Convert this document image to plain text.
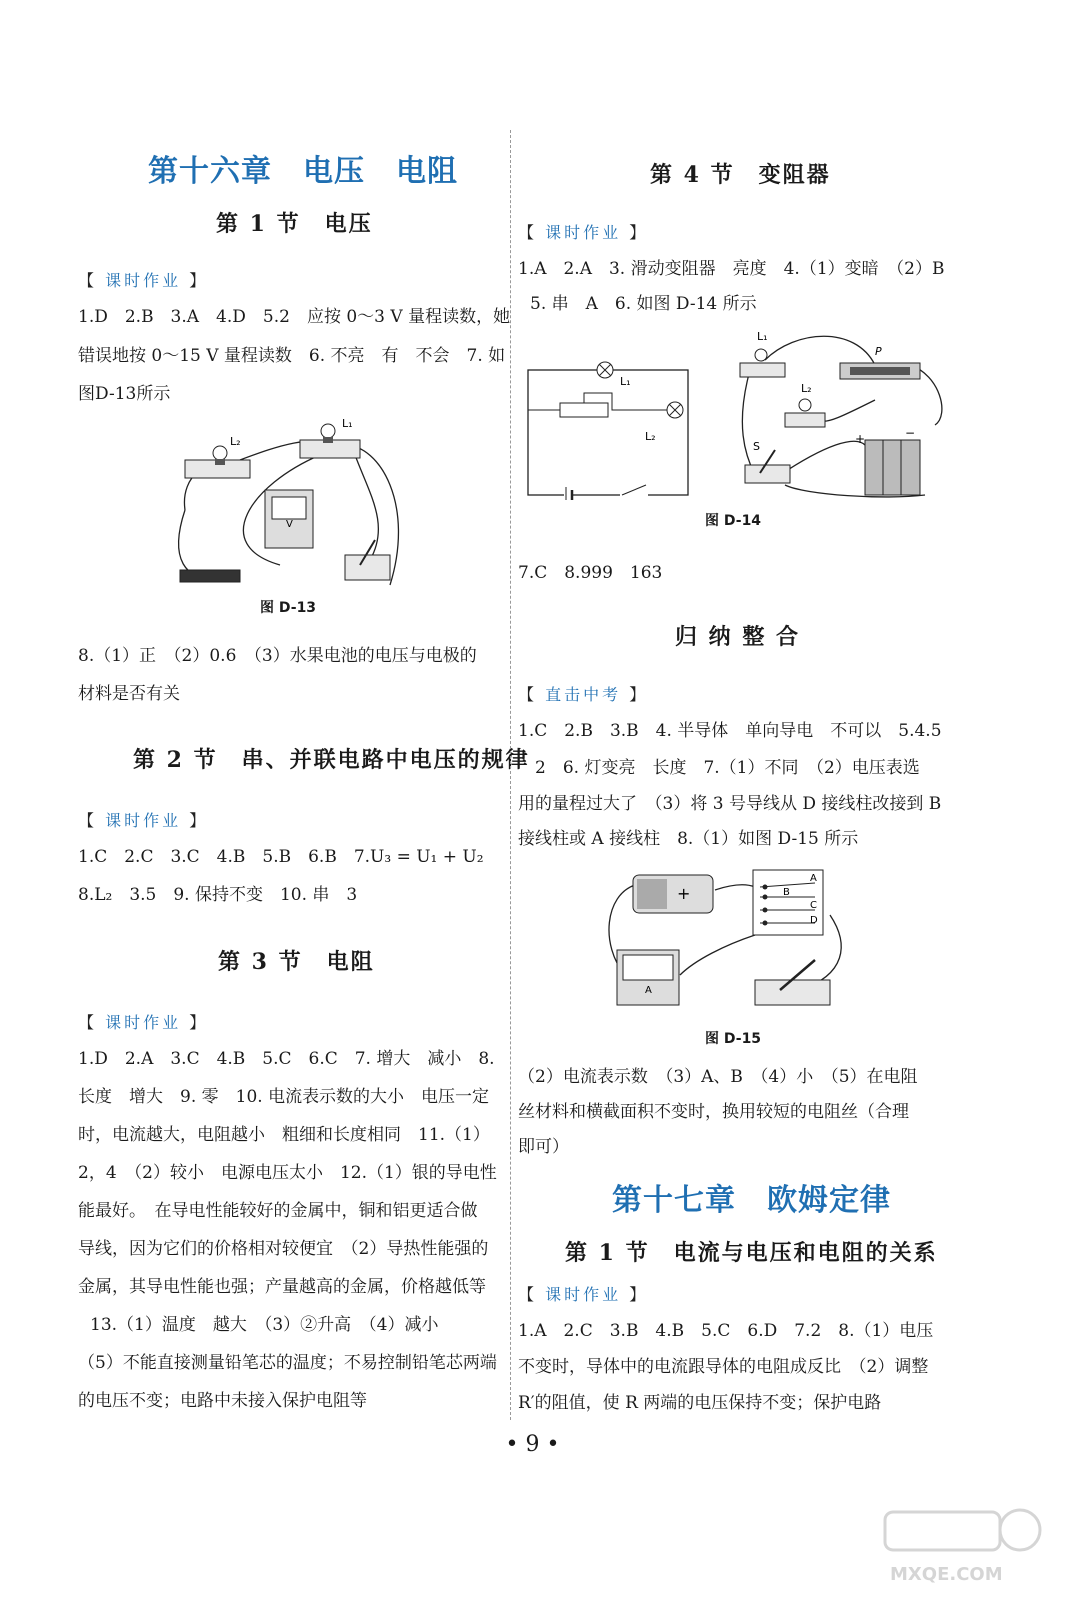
第十六章　电压　电阻
第 1 节　电压
【 课时作业 】
1.D　2.B　3.A　4.D　5.2　应按 0～3 V 量程读数，她
错误地按 0～15 V 量程读数　6. 不亮　有　不会　7. 如
图D-13所示
L₂
L₁
V
图 D-13
8.（1）正　（2）0.6　（3）水果电池的电压与电极的
材料是否有关
第 2 节　串、并联电路中电压的规律
【 课时作业 】
1.C　2.C　3.C　4.B　5.B　6.B　7.U₃ = U₁ + U₂
8.L₂　3.5　9. 保持不变　10. 串　3
第 3 节　电阻
【 课时作业 】
1.D　2.A　3.C　4.B　5.C　6.C　7. 增大　减小　8.
长度　增大　9. 零　10. 电流表示数的大小　电压一定
时，电流越大，电阻越小　粗细和长度相同　11.（1）
2，4　（2）较小　电源电压太小　12.（1）银的导电性
能最好。　在导电性能较好的金属中，铜和铝更适合做
导线，因为它们的价格相对较便宜　（2）导热性能强的
金属，其导电性能也强；产量越高的金属，价格越低等
13.（1）温度　越大　（3）②升高　（4）减小
（5）不能直接测量铅笔芯的温度；不易控制铅笔芯两端
的电压不变；电路中未接入保护电阻等
第 4 节　变阻器
【 课时作业 】
1.A　2.A　3. 滑动变阻器　亮度　4.（1）变暗　（2）B
5. 串　A　6. 如图 D-14 所示
L₁
L₂
L₁
P
L₂
S
+	−
图 D-14
7.C　8.999　163
归 纳 整 合
【 直击中考 】
1.C　2.B　3.B　4. 半导体　单向导电　不可以　5.4.5
2　6. 灯变亮　长度　7.（1）不同　（2）电压表选
用的量程过大了　（3）将 3 号导线从 D 接线柱改接到 B
接线柱或 A 接线柱　8.（1）如图 D-15 所示
+
A
B
C
D
A
图 D-15
（2）电流表示数　（3）A、B　（4）小　（5）在电阻
丝材料和横截面积不变时，换用较短的电阻丝（合理
即可）
第十七章　欧姆定律
第 1 节　电流与电压和电阻的关系
【 课时作业 】
1.A　2.C　3.B　4.B　5.C　6.D　7.2　8.（1）电压
不变时，导体中的电流跟导体的电阻成反比　（2）调整
R′的阻值，使 R 两端的电压保持不变；保护电路
• 9 •
MXQE.COM
